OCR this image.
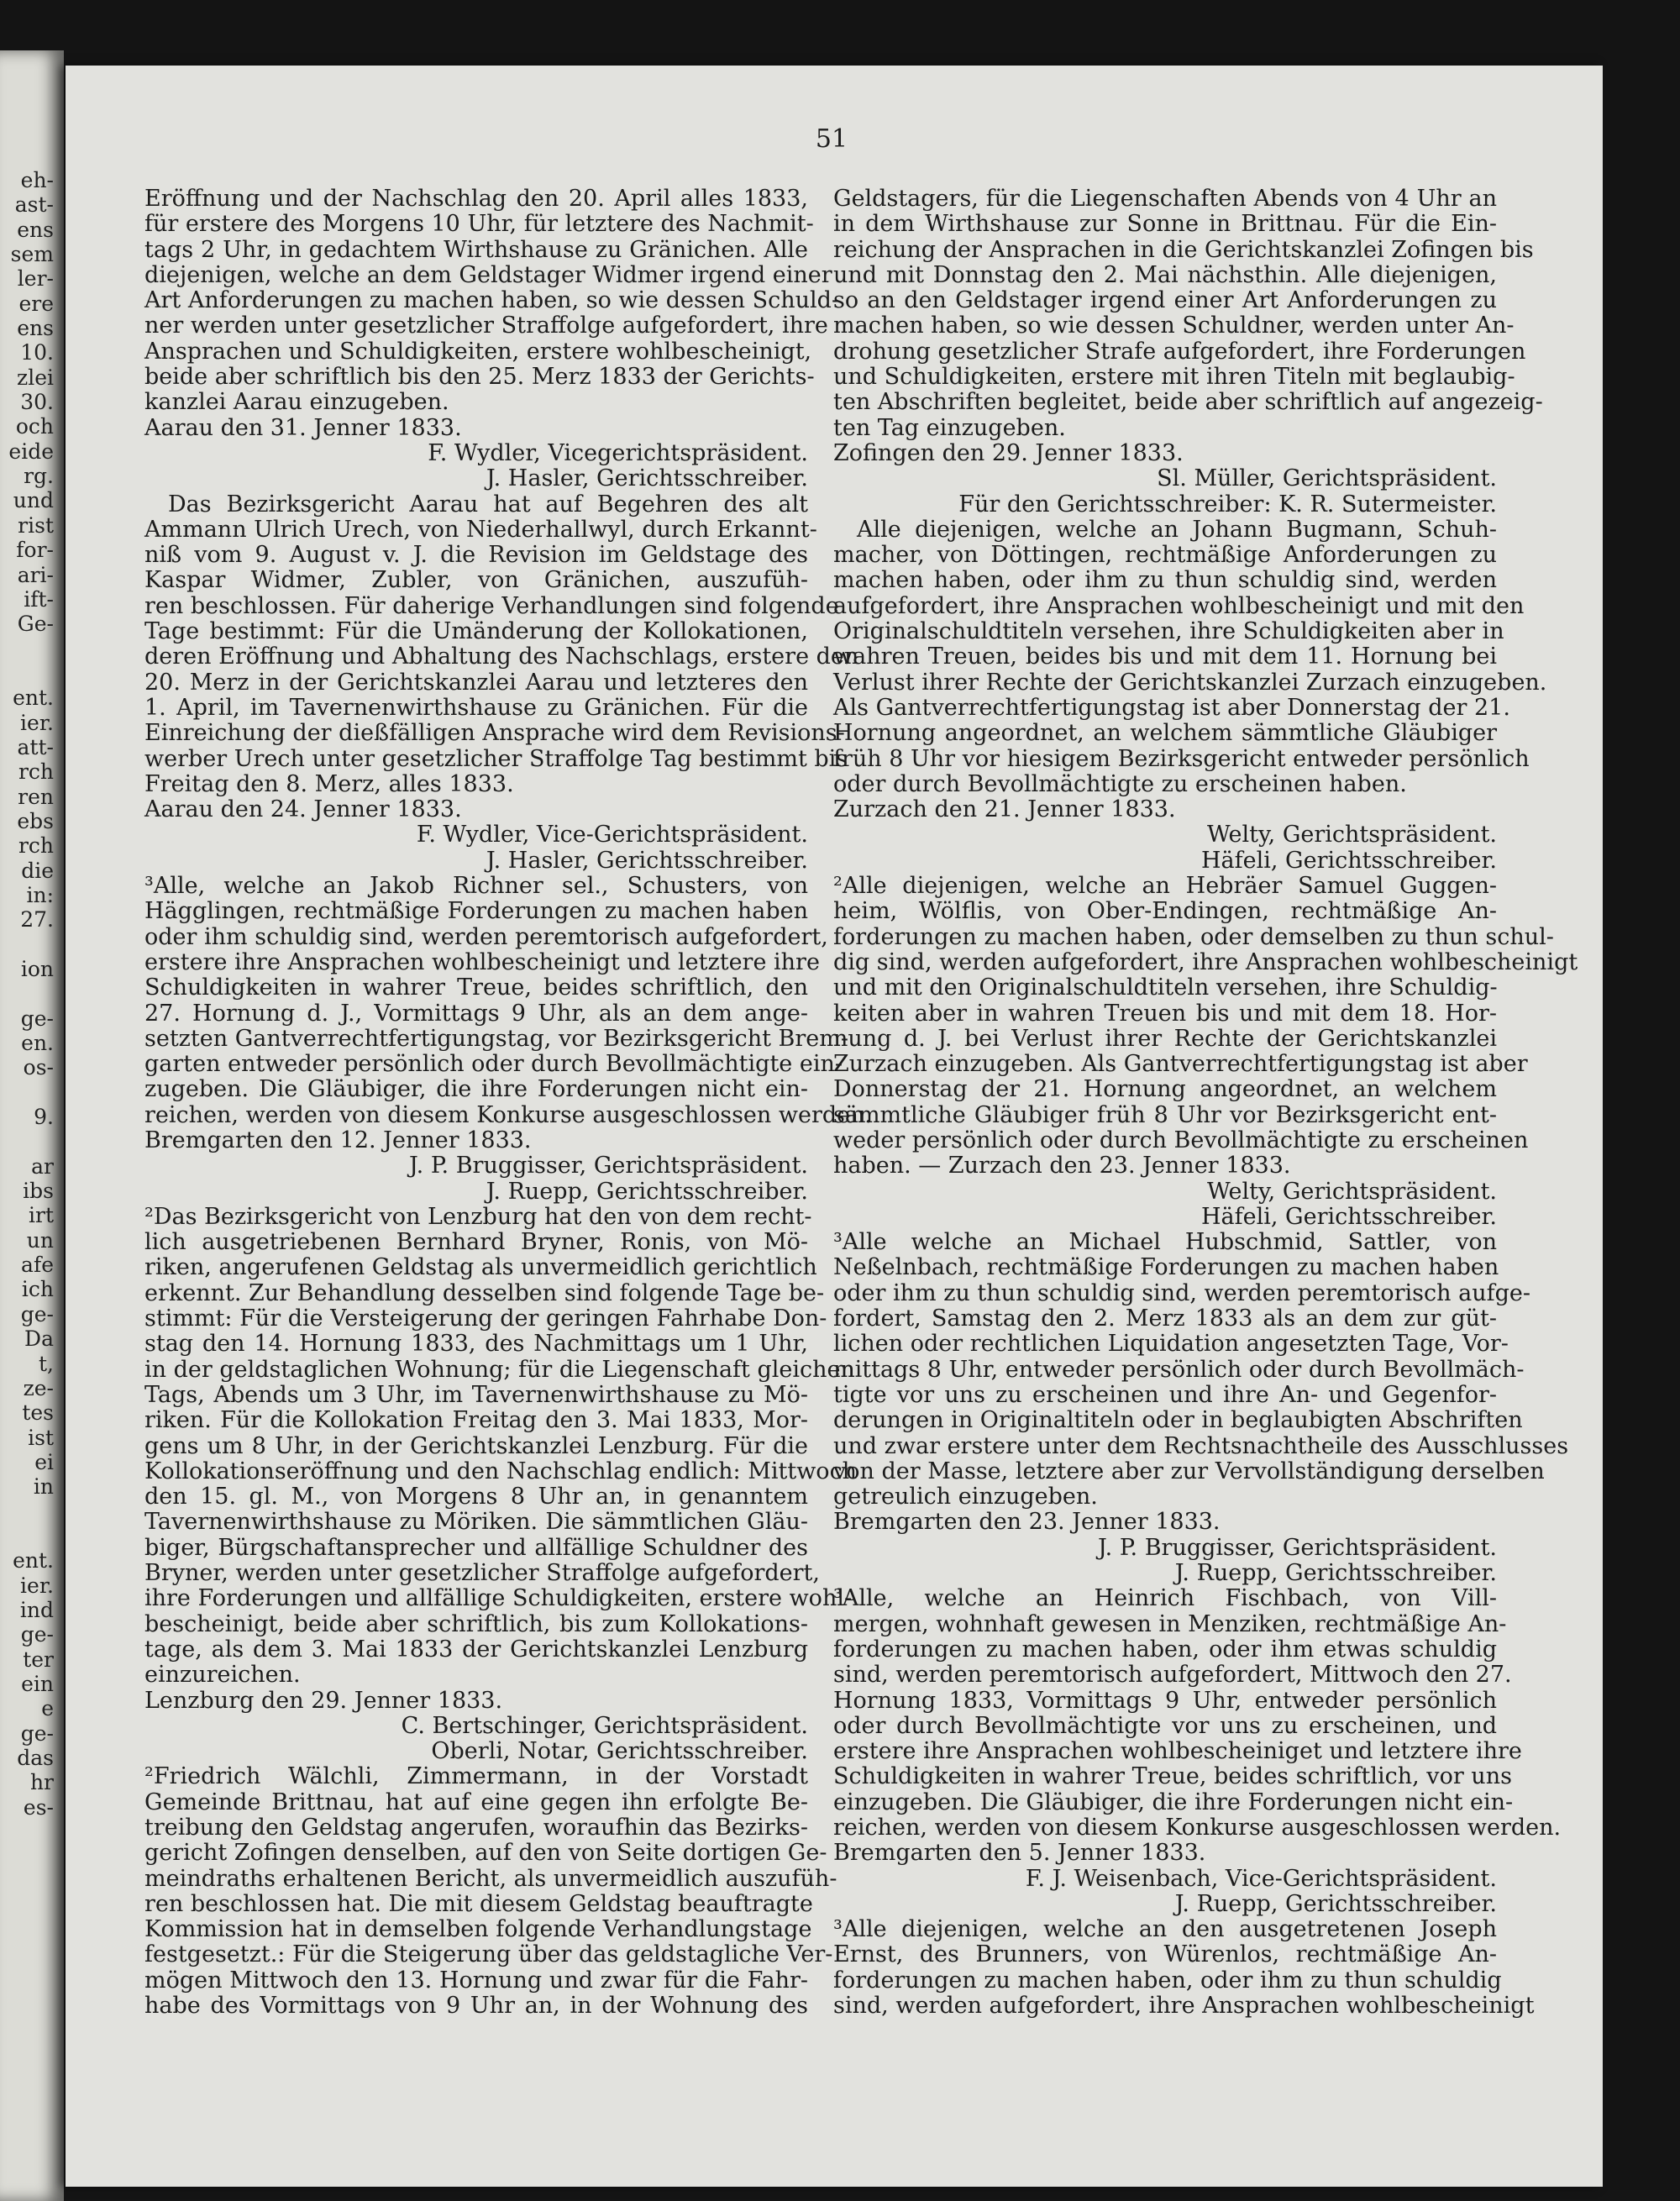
eh-
ast-
ens
sem
ler-
ere
ens
10.
zlei
30.
och
eide
rg.
und
rist
for-
ari-
ift-
Ge-
ent.
ier.
att-
rch
ren
ebs
rch
die
in:
27.
ion
ge-
en.
os-
9.
ar
ibs
irt
un
afe
ich
ge-
Da
t,
ze-
tes
ist
ei
in
ent.
ier.
ind
ge-
ter
ein
e
ge-
das
hr
es-
51
Eröffnung und der Nachschlag den 20. April alles 1833,
für erstere des Morgens 10 Uhr, für letztere des Nachmit-
tags 2 Uhr, in gedachtem Wirthshause zu Gränichen. Alle
diejenigen, welche an dem Geldstager Widmer irgend einer
Art Anforderungen zu machen haben, so wie dessen Schuld-
ner werden unter gesetzlicher Straffolge aufgefordert, ihre
Ansprachen und Schuldigkeiten, erstere wohlbescheinigt,
beide aber schriftlich bis den 25. Merz 1833 der Gerichts-
kanzlei Aarau einzugeben.
Aarau den 31. Jenner 1833.
F. Wydler, Vicegerichtspräsident.
J. Hasler, Gerichtsschreiber.
Das Bezirksgericht Aarau hat auf Begehren des alt
Ammann Ulrich Urech, von Niederhallwyl, durch Erkannt-
niß vom 9. August v. J. die Revision im Geldstage des
Kaspar Widmer, Zubler, von Gränichen, auszufüh-
ren beschlossen. Für daherige Verhandlungen sind folgende
Tage bestimmt: Für die Umänderung der Kollokationen,
deren Eröffnung und Abhaltung des Nachschlags, erstere den
20. Merz in der Gerichtskanzlei Aarau und letzteres den
1. April, im Tavernenwirthshause zu Gränichen. Für die
Einreichung der dießfälligen Ansprache wird dem Revisions-
werber Urech unter gesetzlicher Straffolge Tag bestimmt bis
Freitag den 8. Merz, alles 1833.
Aarau den 24. Jenner 1833.
F. Wydler, Vice-Gerichtspräsident.
J. Hasler, Gerichtsschreiber.
³Alle, welche an Jakob Richner sel., Schusters, von
Hägglingen, rechtmäßige Forderungen zu machen haben
oder ihm schuldig sind, werden peremtorisch aufgefordert,
erstere ihre Ansprachen wohlbescheinigt und letztere ihre
Schuldigkeiten in wahrer Treue, beides schriftlich, den
27. Hornung d. J., Vormittags 9 Uhr, als an dem ange-
setzten Gantverrechtfertigungstag, vor Bezirksgericht Brem-
garten entweder persönlich oder durch Bevollmächtigte ein-
zugeben. Die Gläubiger, die ihre Forderungen nicht ein-
reichen, werden von diesem Konkurse ausgeschlossen werden.
Bremgarten den 12. Jenner 1833.
J. P. Bruggisser, Gerichtspräsident.
J. Ruepp, Gerichtsschreiber.
²Das Bezirksgericht von Lenzburg hat den von dem recht-
lich ausgetriebenen Bernhard Bryner, Ronis, von Mö-
riken, angerufenen Geldstag als unvermeidlich gerichtlich
erkennt. Zur Behandlung desselben sind folgende Tage be-
stimmt: Für die Versteigerung der geringen Fahrhabe Don-
stag den 14. Hornung 1833, des Nachmittags um 1 Uhr,
in der geldstaglichen Wohnung; für die Liegenschaft gleichen
Tags, Abends um 3 Uhr, im Tavernenwirthshause zu Mö-
riken. Für die Kollokation Freitag den 3. Mai 1833, Mor-
gens um 8 Uhr, in der Gerichtskanzlei Lenzburg. Für die
Kollokationseröffnung und den Nachschlag endlich: Mittwoch
den 15. gl. M., von Morgens 8 Uhr an, in genanntem
Tavernenwirthshause zu Möriken. Die sämmtlichen Gläu-
biger, Bürgschaftansprecher und allfällige Schuldner des
Bryner, werden unter gesetzlicher Straffolge aufgefordert,
ihre Forderungen und allfällige Schuldigkeiten, erstere wohl-
bescheinigt, beide aber schriftlich, bis zum Kollokations-
tage, als dem 3. Mai 1833 der Gerichtskanzlei Lenzburg
einzureichen.
Lenzburg den 29. Jenner 1833.
C. Bertschinger, Gerichtspräsident.
Oberli, Notar, Gerichtsschreiber.
²Friedrich Wälchli, Zimmermann, in der Vorstadt
Gemeinde Brittnau, hat auf eine gegen ihn erfolgte Be-
treibung den Geldstag angerufen, woraufhin das Bezirks-
gericht Zofingen denselben, auf den von Seite dortigen Ge-
meindraths erhaltenen Bericht, als unvermeidlich auszufüh-
ren beschlossen hat. Die mit diesem Geldstag beauftragte
Kommission hat in demselben folgende Verhandlungstage
festgesetzt.: Für die Steigerung über das geldstagliche Ver-
mögen Mittwoch den 13. Hornung und zwar für die Fahr-
habe des Vormittags von 9 Uhr an, in der Wohnung des
Geldstagers, für die Liegenschaften Abends von 4 Uhr an
in dem Wirthshause zur Sonne in Brittnau. Für die Ein-
reichung der Ansprachen in die Gerichtskanzlei Zofingen bis
und mit Donnstag den 2. Mai nächsthin. Alle diejenigen,
so an den Geldstager irgend einer Art Anforderungen zu
machen haben, so wie dessen Schuldner, werden unter An-
drohung gesetzlicher Strafe aufgefordert, ihre Forderungen
und Schuldigkeiten, erstere mit ihren Titeln mit beglaubig-
ten Abschriften begleitet, beide aber schriftlich auf angezeig-
ten Tag einzugeben.
Zofingen den 29. Jenner 1833.
Sl. Müller, Gerichtspräsident.
Für den Gerichtsschreiber: K. R. Sutermeister.
Alle diejenigen, welche an Johann Bugmann, Schuh-
macher, von Döttingen, rechtmäßige Anforderungen zu
machen haben, oder ihm zu thun schuldig sind, werden
aufgefordert, ihre Ansprachen wohlbescheinigt und mit den
Originalschuldtiteln versehen, ihre Schuldigkeiten aber in
wahren Treuen, beides bis und mit dem 11. Hornung bei
Verlust ihrer Rechte der Gerichtskanzlei Zurzach einzugeben.
Als Gantverrechtfertigungstag ist aber Donnerstag der 21.
Hornung angeordnet, an welchem sämmtliche Gläubiger
früh 8 Uhr vor hiesigem Bezirksgericht entweder persönlich
oder durch Bevollmächtigte zu erscheinen haben.
Zurzach den 21. Jenner 1833.
Welty, Gerichtspräsident.
Häfeli, Gerichtsschreiber.
²Alle diejenigen, welche an Hebräer Samuel Guggen-
heim, Wölflis, von Ober-Endingen, rechtmäßige An-
forderungen zu machen haben, oder demselben zu thun schul-
dig sind, werden aufgefordert, ihre Ansprachen wohlbescheinigt
und mit den Originalschuldtiteln versehen, ihre Schuldig-
keiten aber in wahren Treuen bis und mit dem 18. Hor-
nung d. J. bei Verlust ihrer Rechte der Gerichtskanzlei
Zurzach einzugeben. Als Gantverrechtfertigungstag ist aber
Donnerstag der 21. Hornung angeordnet, an welchem
sämmtliche Gläubiger früh 8 Uhr vor Bezirksgericht ent-
weder persönlich oder durch Bevollmächtigte zu erscheinen
haben. — Zurzach den 23. Jenner 1833.
Welty, Gerichtspräsident.
Häfeli, Gerichtsschreiber.
³Alle welche an Michael Hubschmid, Sattler, von
Neßelnbach, rechtmäßige Forderungen zu machen haben
oder ihm zu thun schuldig sind, werden peremtorisch aufge-
fordert, Samstag den 2. Merz 1833 als an dem zur güt-
lichen oder rechtlichen Liquidation angesetzten Tage, Vor-
mittags 8 Uhr, entweder persönlich oder durch Bevollmäch-
tigte vor uns zu erscheinen und ihre An- und Gegenfor-
derungen in Originaltiteln oder in beglaubigten Abschriften
und zwar erstere unter dem Rechtsnachtheile des Ausschlusses
von der Masse, letztere aber zur Vervollständigung derselben
getreulich einzugeben.
Bremgarten den 23. Jenner 1833.
J. P. Bruggisser, Gerichtspräsident.
J. Ruepp, Gerichtsschreiber.
³Alle, welche an Heinrich Fischbach, von Vill-
mergen, wohnhaft gewesen in Menziken, rechtmäßige An-
forderungen zu machen haben, oder ihm etwas schuldig
sind, werden peremtorisch aufgefordert, Mittwoch den 27.
Hornung 1833, Vormittags 9 Uhr, entweder persönlich
oder durch Bevollmächtigte vor uns zu erscheinen, und
erstere ihre Ansprachen wohlbescheiniget und letztere ihre
Schuldigkeiten in wahrer Treue, beides schriftlich, vor uns
einzugeben. Die Gläubiger, die ihre Forderungen nicht ein-
reichen, werden von diesem Konkurse ausgeschlossen werden.
Bremgarten den 5. Jenner 1833.
F. J. Weisenbach, Vice-Gerichtspräsident.
J. Ruepp, Gerichtsschreiber.
³Alle diejenigen, welche an den ausgetretenen Joseph
Ernst, des Brunners, von Würenlos, rechtmäßige An-
forderungen zu machen haben, oder ihm zu thun schuldig
sind, werden aufgefordert, ihre Ansprachen wohlbescheinigt
